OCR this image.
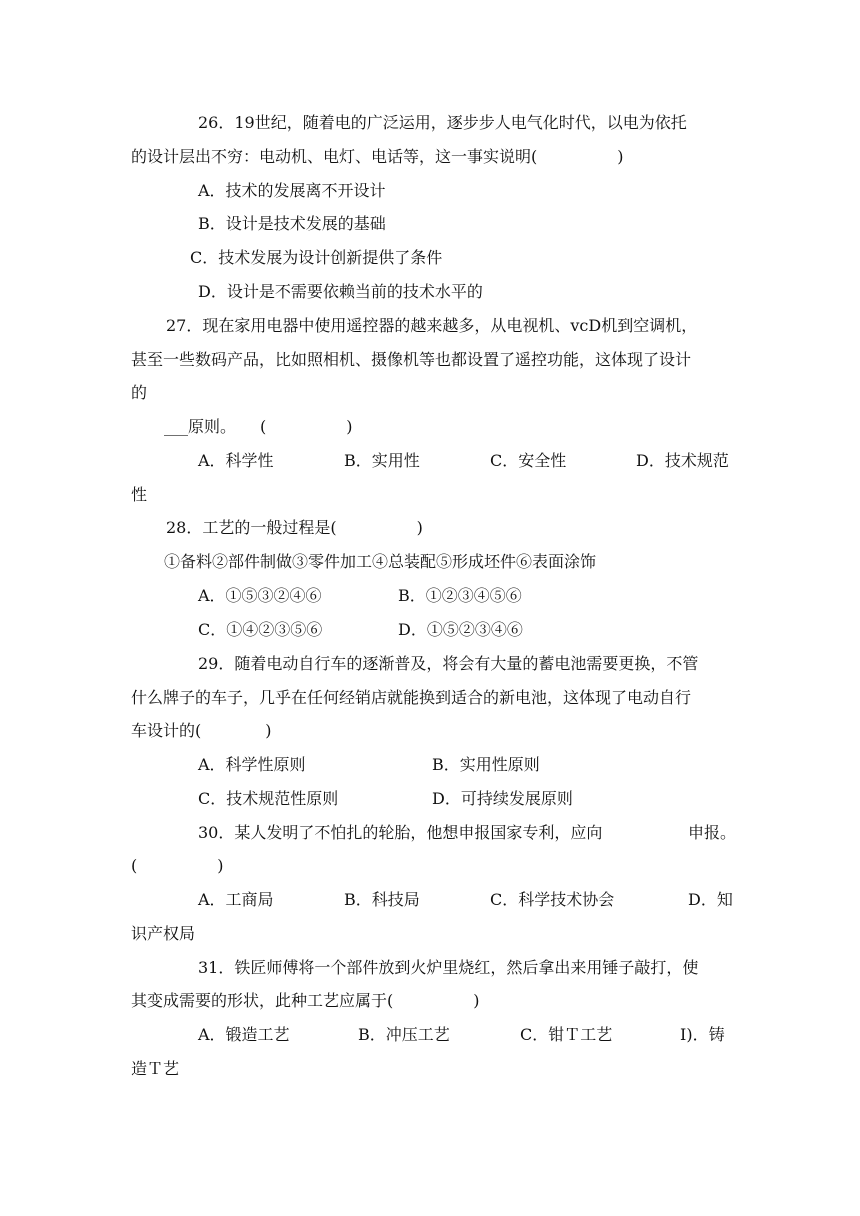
26．19世纪，随着电的广泛运用，逐步步人电气化时代，以电为依托
的设计层出不穷：电动机、电灯、电话等，这一事实说明(　　　　　)
A．技术的发展离不开设计
B．设计是技术发展的基础
C．技术发展为设计创新提供了条件
D．设计是不需要依赖当前的技术水平的
27．现在家用电器中使用遥控器的越来越多，从电视机、vcD机到空调机，
甚至一些数码产品，比如照相机、摄像机等也都设置了遥控功能，这体现了设计
的
___原则。　　(　　　　　)
A．科学性	B．实用性	C．安全性	D．技术规范
性
28．工艺的一般过程是(　　　　　)
①备料②部件制做③零件加工④总装配⑤形成坯件⑥表面涂饰
A．①⑤③②④⑥	B．①②③④⑤⑥
C．①④②③⑤⑥	D．①⑤②③④⑥
29．随着电动自行车的逐渐普及，将会有大量的蓄电池需要更换，不管
什么牌子的车子，几乎在任何经销店就能换到适合的新电池，这体现了电动自行
车设计的(　　　　)
A．科学性原则	B．实用性原则
C．技术规范性原则	D．可持续发展原则
30．某人发明了不怕扎的轮胎，他想申报国家专利，应向	申报。
(　　　　　)
A．工商局	B．科技局	C．科学技术协会	D．知
识产权局
31．铁匠师傅将一个部件放到火炉里烧红，然后拿出来用锤子敲打，使
其变成需要的形状，此种工艺应属于(　　　　　)
A．锻造工艺	B．冲压工艺	C．钳Ｔ工艺	I)．铸
造Ｔ艺
